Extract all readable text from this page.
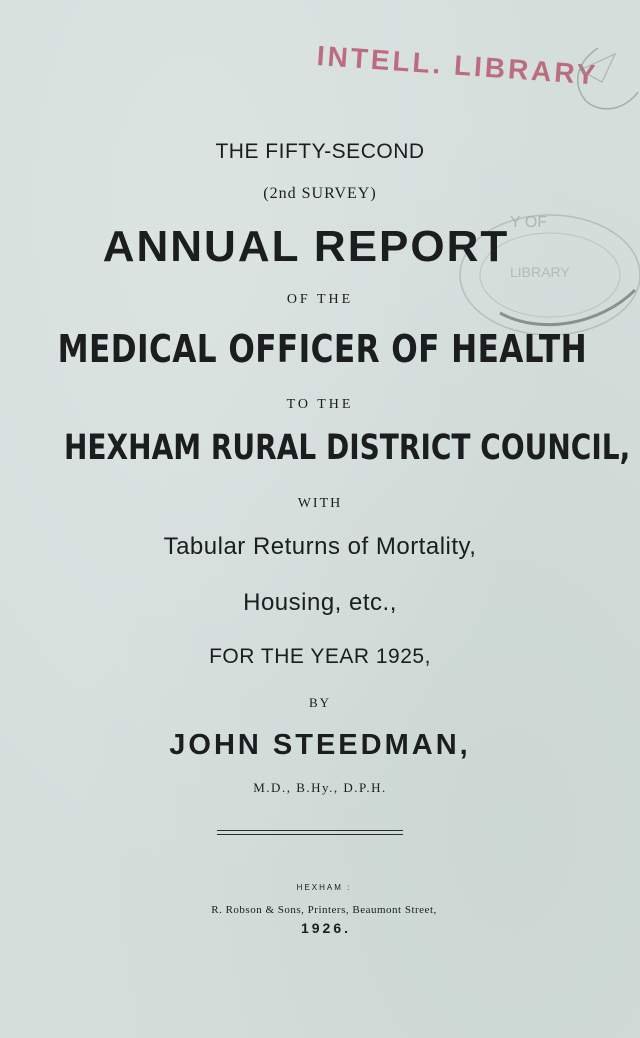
INTELL. LIBRARY
Y OF
LIBRARY
THE FIFTY-SECOND
(2nd SURVEY)
ANNUAL REPORT
OF THE
MEDICAL OFFICER OF HEALTH
TO THE
HEXHAM RURAL DISTRICT COUNCIL,
WITH
Tabular Returns of Mortality,
Housing, etc.,
FOR THE YEAR 1925,
BY
JOHN STEEDMAN,
M.D., B.Hy., D.P.H.
HEXHAM :
R. Robson & Sons, Printers, Beaumont Street,
1926.
